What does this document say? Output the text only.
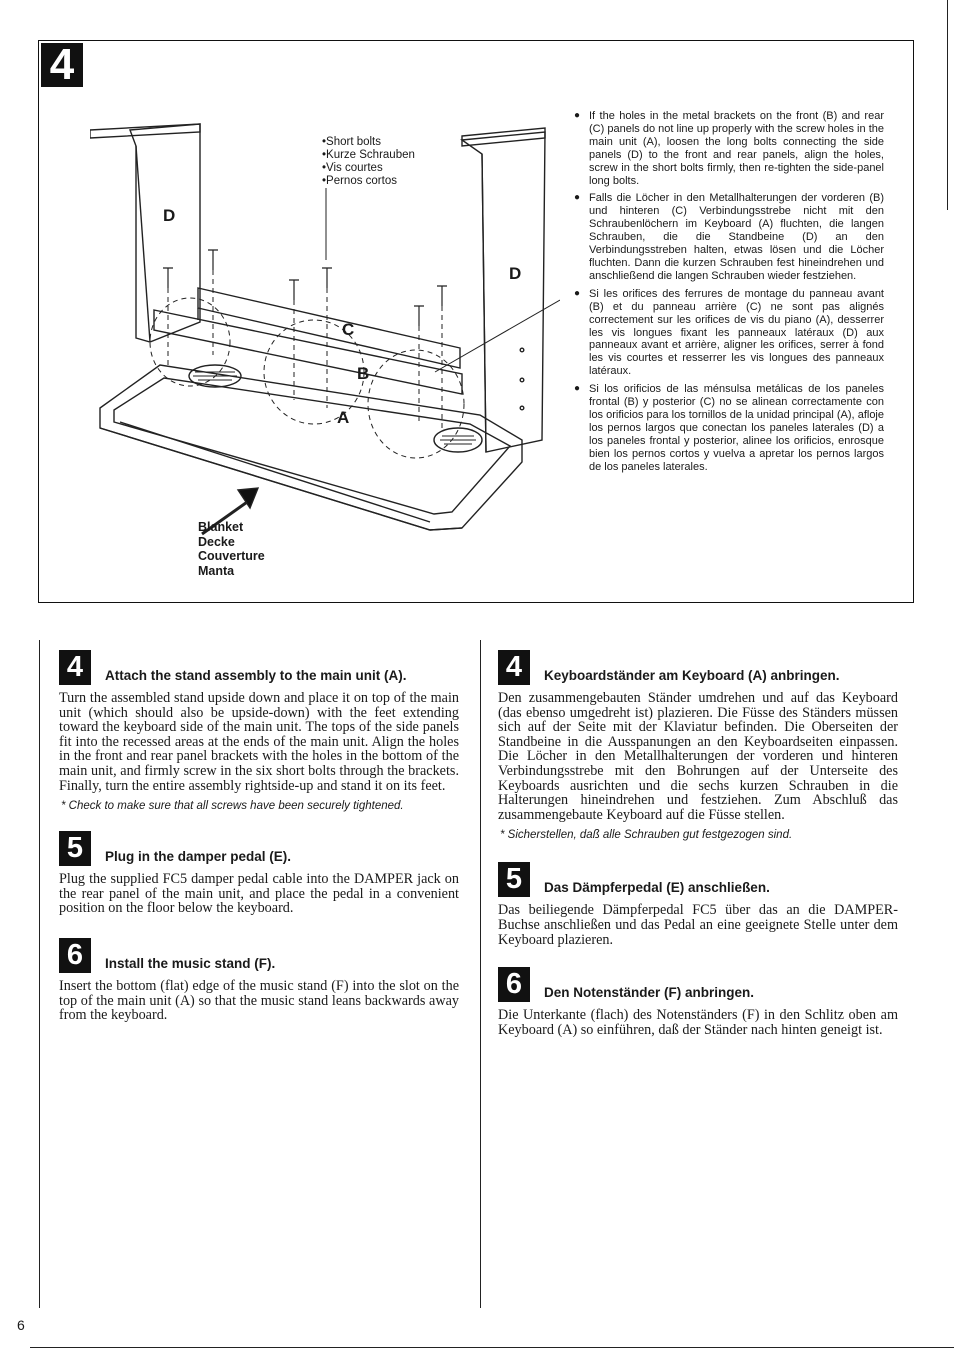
4
D
D
C
B
A
•Short bolts
•Kurze Schrauben
•Vis courtes
•Pernos cortos
Blanket
Decke
Couverture
Manta
● If the holes in the metal brackets on the front (B) and rear (C) panels do not line up properly with the screw holes in the main unit (A), loosen the long bolts connecting the side panels (D) to the front and rear panels, align the holes, screw in the short bolts firmly, then re-tighten the side-panel long bolts.
● Falls die Löcher in den Metallhalterungen der vorderen (B) und hinteren (C) Verbindungsstrebe nicht mit den Schraubenlöchern im Keyboard (A) fluchten, die langen Schrauben, die die Standbeine (D) an den Verbindungsstreben halten, etwas lösen und die Löcher fluchten. Dann die kurzen Schrauben fest hineindrehen und anschließend die langen Schrauben wieder festziehen.
● Si les orifices des ferrures de montage du panneau avant (B) et du panneau arrière (C) ne sont pas alignés correctement sur les orifices de vis du piano (A), desserrer les vis longues fixant les panneaux latéraux (D) aux panneaux avant et arrière, aligner les orifices, serrer à fond les vis courtes et resserrer les vis longues des panneaux latéraux.
● Si los orificios de las ménsulsa metálicas de los paneles frontal (B) y posterior (C) no se alinean correctamente con los orificios para los tornillos de la unidad principal (A), afloje los pernos largos que conectan los paneles laterales (D) a los paneles frontal y posterior, alinee los orificios, enrosque bien los pernos cortos y vuelva a apretar los pernos largos de los paneles laterales.
4	Attach the stand assembly to the main unit (A).
Turn the assembled stand upside down and place it on top of the main unit (which should also be upside-down) with the feet extending toward the keyboard side of the main unit. The tops of the side panels fit into the recessed areas at the ends of the main unit. Align the holes in the front and rear panel brackets with the holes in the bottom of the main unit, and firmly screw in the six short bolts through the brackets. Finally, turn the entire assembly rightside-up and stand it on its feet.
* Check to make sure that all screws have been securely tightened.
5	Plug in the damper pedal (E).
Plug the supplied FC5 damper pedal cable into the DAMPER jack on the rear panel of the main unit, and place the pedal in a convenient position on the floor below the keyboard.
6	Install the music stand (F).
Insert the bottom (flat) edge of the music stand (F) into the slot on the top of the main unit (A) so that the music stand leans backwards away from the keyboard.
4	Keyboardständer am Keyboard (A) anbringen.
Den zusammengebauten Ständer umdrehen und auf das Keyboard (das ebenso umgedreht ist) plazieren. Die Füsse des Ständers müssen sich auf der Seite mit der Klaviatur befinden. Die Oberseiten der Standbeine in die Ausspanungen an den Keyboardseiten einpassen. Die Löcher in den Metallhalterungen der vorderen und hinteren Verbindungsstrebe mit den Bohrungen auf der Unterseite des Keyboards ausrichten und die sechs kurzen Schrauben in die Halterungen hineindrehen und festziehen. Zum Abschluß das zusammengebaute Keyboard auf die Füsse stellen.
* Sicherstellen, daß alle Schrauben gut festgezogen sind.
5	Das Dämpferpedal (E) anschließen.
Das beiliegende Dämpferpedal FC5 über das an die DAMPER-Buchse anschließen und das Pedal an eine geeignete Stelle unter dem Keyboard plazieren.
6	Den Notenständer (F) anbringen.
Die Unterkante (flach) des Notenständers (F) in den Schlitz oben am Keyboard (A) so einführen, daß der Ständer nach hinten geneigt ist.
6
